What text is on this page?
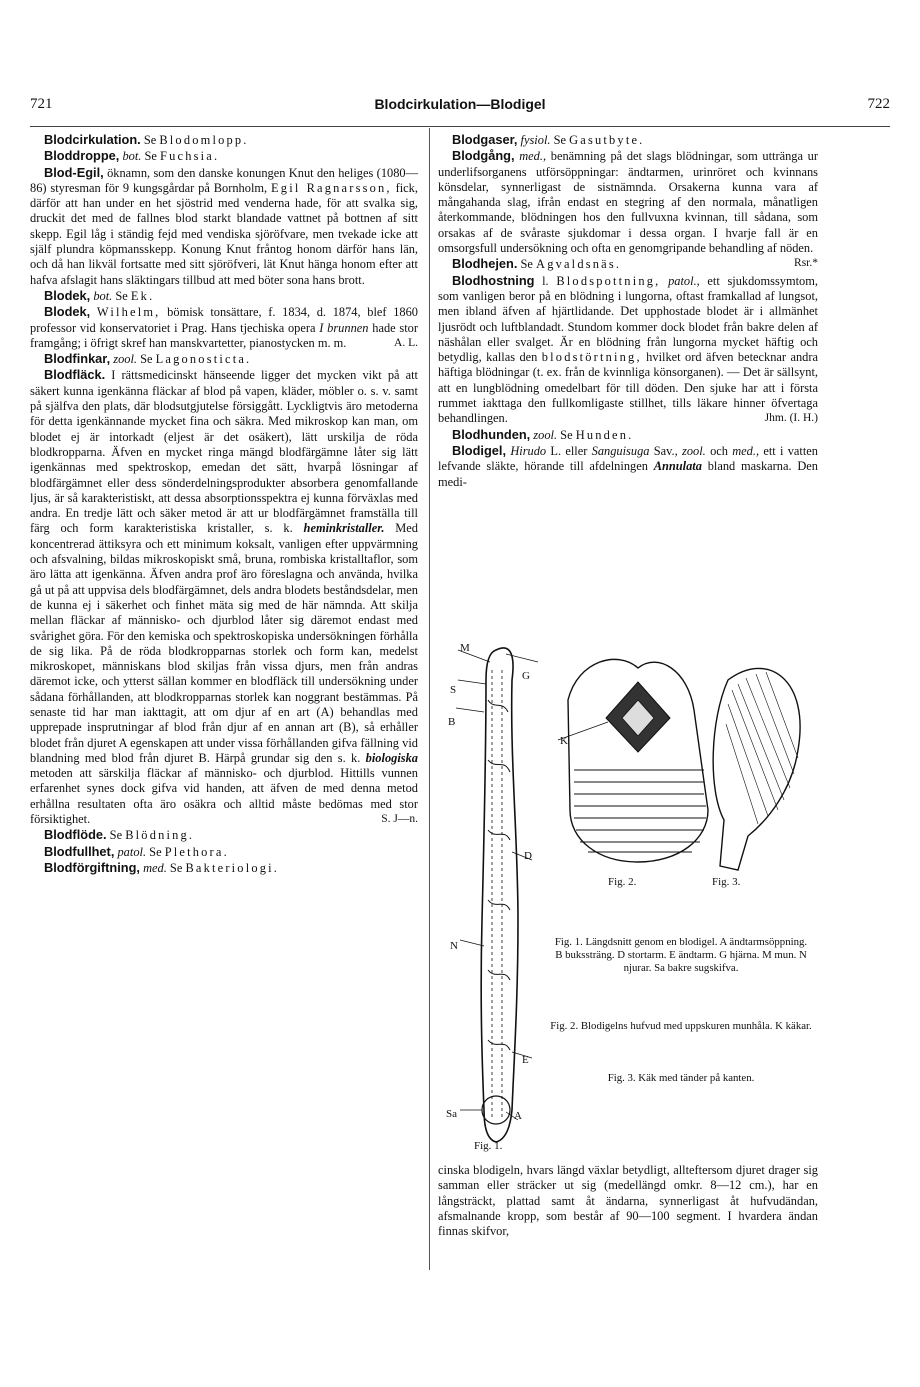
721	Blodcirkulation—Blodigel	722

Blodcirkulation. Se Blodomlopp.

Bloddroppe, bot. Se Fuchsia.

Blod-Egil, öknamn, som den danske konungen Knut den heliges (1080—86) styresman för 9 kungsgårdar på Bornholm, Egil Ragnarsson, fick, därför att han under en het sjöstrid med venderna hade, för att svalka sig, druckit det med de fallnes blod starkt blandade vattnet på bottnen af sitt skepp. Egil låg i ständig fejd med vendiska sjöröfvare, men tvekade icke att själf plundra köpmansskepp. Konung Knut fråntog honom därför hans län, och då han likväl fortsatte med sitt sjöröfveri, lät Knut hänga honom efter att hafva afslagit hans släktingars tillbud att med böter sona hans brott.

Blodek, bot. Se Ek.

Blodek, Wilhelm, bömisk tonsättare, f. 1834, d. 1874, blef 1860 professor vid konservatoriet i Prag. Hans tjechiska opera I brunnen hade stor framgång; i öfrigt skref han manskvartetter, pianostycken m. m.	A. L.

Blodfinkar, zool. Se Lagonosticta.

Blodfläck. I rättsmedicinskt hänseende ligger det mycken vikt på att säkert kunna igenkänna fläckar af blod på vapen, kläder, möbler o. s. v. samt på själfva den plats, där blodsutgjutelse försiggått. Lyckligtvis äro metoderna för detta igenkännande mycket fina och säkra. Med mikroskop kan man, om blodet ej är intorkadt (eljest är det osäkert), lätt urskilja de röda blodkropparna. Äfven en mycket ringa mängd blodfärgämne låter sig lätt igenkännas med spektroskop, emedan det sätt, hvarpå lösningar af blodfärgämnet eller dess sönderdelningsprodukter absorbera genomfallande ljus, är så karakteristiskt, att dessa absorptionsspektra ej kunna förväxlas med andra. En tredje lätt och säker metod är att ur blodfärgämnet framställa till färg och form karakteristiska kristaller, s. k. heminkristaller. Med koncentrerad ättiksyra och ett minimum koksalt, vanligen efter uppvärmning och afsvalning, bildas mikroskopiskt små, bruna, rombiska kristalltaflor, som äro lätta att igenkänna. Äfven andra prof äro föreslagna och använda, hvilka gå ut på att uppvisa dels blodfärgämnet, dels andra blodets beståndsdelar, men de kunna ej i säkerhet och finhet mäta sig med de här nämnda. Att skilja mellan fläckar af människo- och djurblod låter sig däremot endast med svårighet göra. För den kemiska och spektroskopiska undersökningen förhålla de sig lika. På de röda blodkropparnas storlek och form kan, medelst mikroskopet, människans blod skiljas från vissa djurs, men från andras däremot icke, och ytterst sällan kommer en blodfläck till undersökning under sådana förhållanden, att blodkropparnas storlek kan noggrant bestämmas. På senaste tid har man iakttagit, att om djur af en art (A) behandlas med upprepade insprutningar af blod från djur af en annan art (B), så erhåller blodet från djuret A egenskapen att under vissa förhållanden gifva fällning vid blandning med blod från djuret B. Härpå grundar sig den s. k. biologiska metoden att särskilja fläckar af människo- och djurblod. Hittills vunnen erfarenhet synes dock gifva vid handen, att äfven de med denna metod erhållna resultaten ofta äro osäkra och alltid måste bedömas med stor försiktighet.	S. J—n.

Blodflöde. Se Blödning.

Blodfullhet, patol. Se Plethora.

Blodförgiftning, med. Se Bakteriologi.

Blodgaser, fysiol. Se Gasutbyte.

Blodgång, med., benämning på det slags blödningar, som uttränga ur underlifsorganens utförsöppningar: ändtarmen, urinröret och kvinnans könsdelar, synnerligast de sistnämnda. Orsakerna kunna vara af mångahanda slag, ifrån endast en stegring af den normala, månatligen återkommande, blödningen hos den fullvuxna kvinnan, till sådana, som orsakas af de svåraste sjukdomar i dessa organ. I hvarje fall är en omsorgsfull undersökning och ofta en genomgripande behandling af nöden.
Rsr.*

Blodhejen. Se Agvaldsnäs.

Blodhostning l. Blodspottning, patol., ett sjukdomssymtom, som vanligen beror på en blödning i lungorna, oftast framkallad af lungsot, men ibland äfven af hjärtlidande. Det upphostade blodet är i allmänhet ljusrödt och luftblandadt. Stundom kommer dock blodet från bakre delen af näshålan eller svalget. Är en blödning från lungorna mycket häftig och betydlig, kallas den blodstörtning, hvilket ord äfven betecknar andra häftiga blödningar (t. ex. från de kvinnliga könsorganen). — Det är sällsynt, att en lungblödning omedelbart för till döden. Den sjuke har att i första rummet iakttaga den fullkomligaste stillhet, tills läkare hinner öfvertaga behandlingen.	Jhm. (I. H.)

Blodhunden, zool. Se Hunden.

Blodigel, Hirudo L. eller Sanguisuga Sav., zool. och med., ett i vatten lefvande släkte, hörande till afdelningen Annulata bland maskarna. Den medi-

M
G
S
B
K
D
N
E
Sa	A
Fig. 1.
Fig. 2.	Fig. 3.
Fig. 1. Längdsnitt genom en blodigel. A ändtarmsöppning. B bukssträng. D stortarm. E ändtarm. G hjärna. M mun. N njurar. Sa bakre sugskifva.
Fig. 2. Blodigelns hufvud med uppskuren munhåla. K käkar.
Fig. 3. Käk med tänder på kanten.

cinska blodigeln, hvars längd växlar betydligt, allteftersom djuret drager sig samman eller sträcker ut sig (medellängd omkr. 8—12 cm.), har en långsträckt, plattad samt åt ändarna, synnerligast åt hufvudändan, afsmalnande kropp, som består af 90—100 segment. I hvardera ändan finnas skifvor,
